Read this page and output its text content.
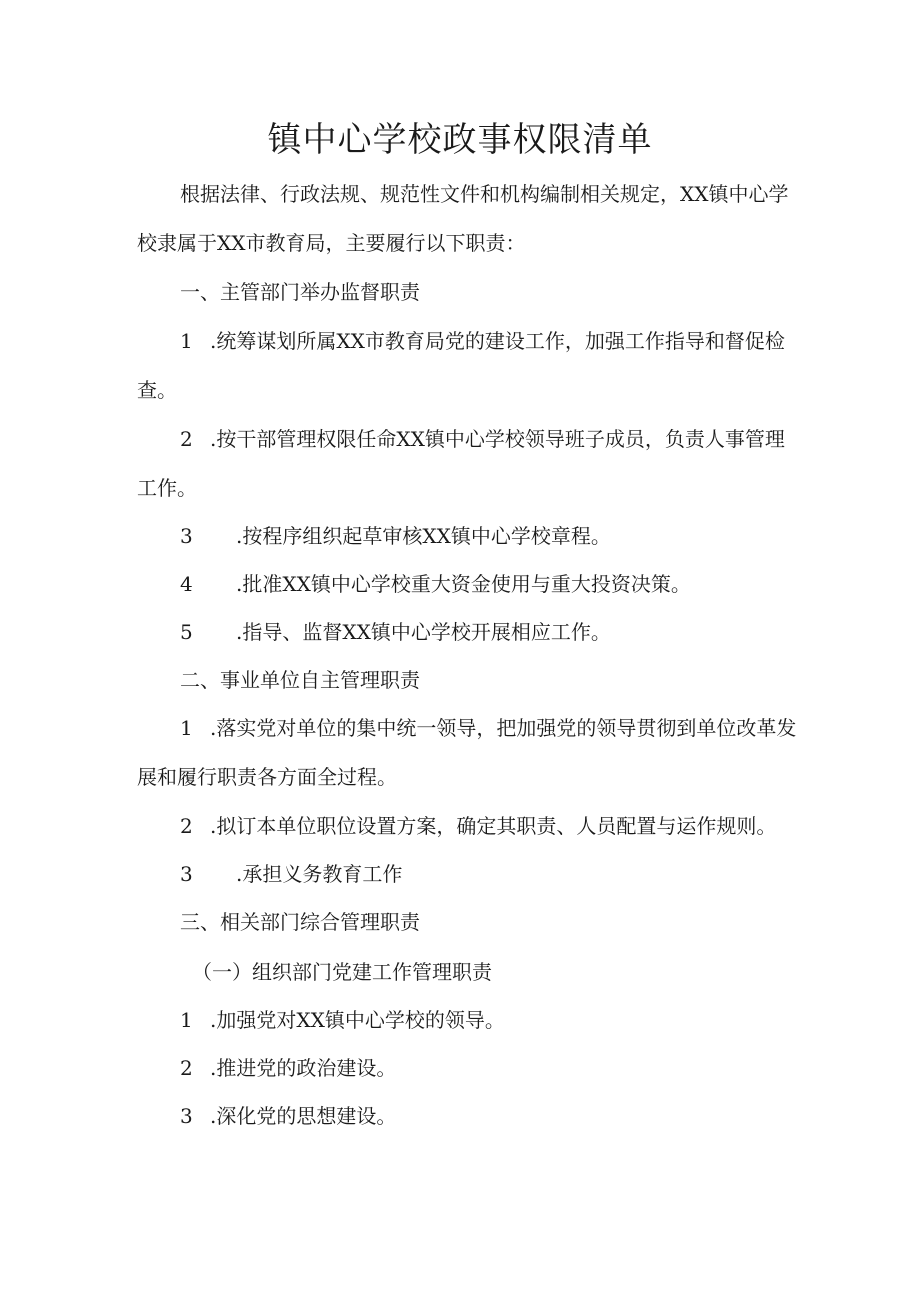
镇中心学校政事权限清单

根据法律、行政法规、规范性文件和机构编制相关规定，XX镇中心学

校隶属于XX市教育局，主要履行以下职责：

一、主管部门举办监督职责

1 .统筹谋划所属XX市教育局党的建设工作，加强工作指导和督促检

查。

2 .按干部管理权限任命XX镇中心学校领导班子成员，负责人事管理

工作。

3 .按程序组织起草审核XX镇中心学校章程。

4 .批准XX镇中心学校重大资金使用与重大投资决策。

5 .指导、监督XX镇中心学校开展相应工作。

二、事业单位自主管理职责

1 .落实党对单位的集中统一领导，把加强党的领导贯彻到单位改革发

展和履行职责各方面全过程。

2 .拟订本单位职位设置方案，确定其职责、人员配置与运作规则。

3 .承担义务教育工作

三、相关部门综合管理职责

（一）组织部门党建工作管理职责

1 .加强党对XX镇中心学校的领导。

2 .推进党的政治建设。

3 .深化党的思想建设。
